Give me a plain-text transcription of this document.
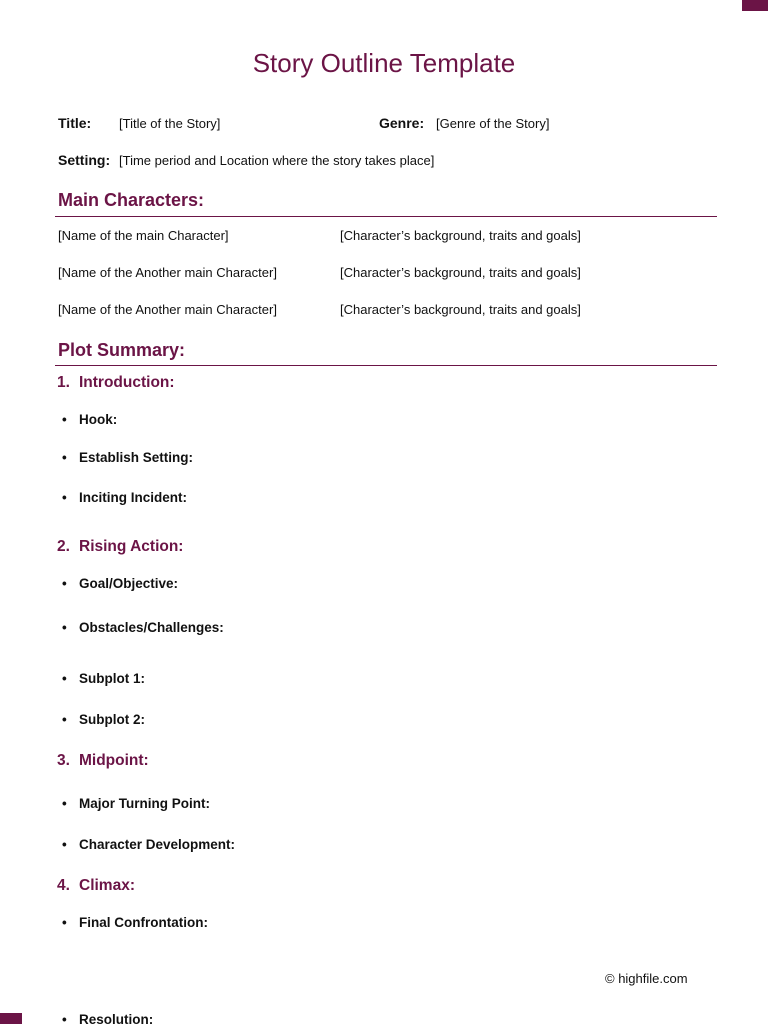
Story Outline Template
Title: [Title of the Story]	Genre: [Genre of the Story]
Setting: [Time period and Location where the story takes place]
Main Characters:
[Name of the main Character]	[Character’s background, traits and goals]
[Name of the Another main Character]	[Character’s background, traits and goals]
[Name of the Another main Character]	[Character’s background, traits and goals]
Plot Summary:
1. Introduction:
• Hook:
• Establish Setting:
• Inciting Incident:
2. Rising Action:
• Goal/Objective:
• Obstacles/Challenges:
• Subplot 1:
• Subplot 2:
3. Midpoint:
• Major Turning Point:
• Character Development:
4. Climax:
• Final Confrontation:
© highfile.com
• Resolution:
